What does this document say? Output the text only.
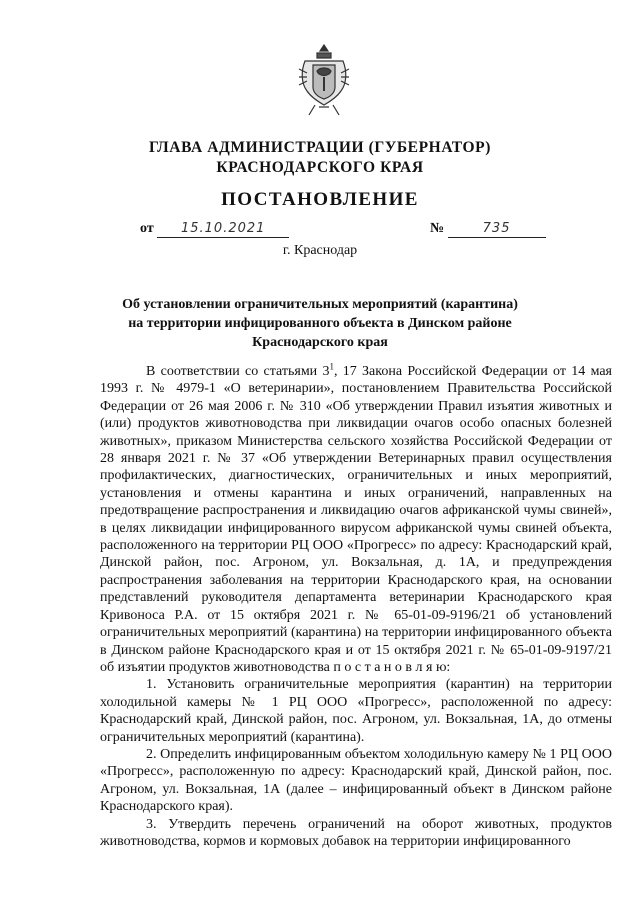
ГЛАВА АДМИНИСТРАЦИИ (ГУБЕРНАТОР)
КРАСНОДАРСКОГО КРАЯ
ПОСТАНОВЛЕНИЕ
от 15.10.2021	№	735
г. Краснодар
Об установлении ограничительных мероприятий (карантина)
на территории инфицированного объекта в Динском районе
Краснодарского края

В соответствии со статьями $3^1$, 17 Закона Российской Федерации от 14 мая 1993 г. № 4979-1 «О ветеринарии», постановлением Правительства Российской Федерации от 26 мая 2006 г. № 310 «Об утверждении Правил изъятия животных и (или) продуктов животноводства при ликвидации очагов особо опасных болезней животных», приказом Министерства сельского хозяйства Российской Федерации от 28 января 2021 г. № 37 «Об утверждении Ветеринарных правил осуществления профилактических, диагностических, ограничительных и иных мероприятий, установления и отмены карантина и иных ограничений, направленных на предотвращение распространения и ликвидацию очагов африканской чумы свиней», в целях ликвидации инфицированного вирусом африканской чумы свиней объекта, расположенного на территории РЦ ООО «Прогресс» по адресу: Краснодарский край, Динской район, пос. Агроном, ул. Вокзальная, д. 1А, и предупреждения распространения заболевания на территории Краснодарского края, на основании представлений руководителя департамента ветеринарии Краснодарского края Кривоноса Р.А. от 15 октября 2021 г. № 65-01-09-9196/21 об установлений ограничительных мероприятий (карантина) на территории инфицированного объекта в Динском районе Краснодарского края и от 15 октября 2021 г. № 65-01-09-9197/21 об изъятии продуктов животноводства п о с т а н о в л я ю:

1. Установить ограничительные мероприятия (карантин) на территории холодильной камеры № 1 РЦ ООО «Прогресс», расположенной по адресу: Краснодарский край, Динской район, пос. Агроном, ул. Вокзальная, 1А, до отмены ограничительных мероприятий (карантина).

2. Определить инфицированным объектом холодильную камеру № 1 РЦ ООО «Прогресс», расположенную по адресу: Краснодарский край, Динской район, пос. Агроном, ул. Вокзальная, 1А (далее – инфицированный объект в Динском районе Краснодарского края).

3. Утвердить перечень ограничений на оборот животных, продуктов животноводства, кормов и кормовых добавок на территории инфицированного
